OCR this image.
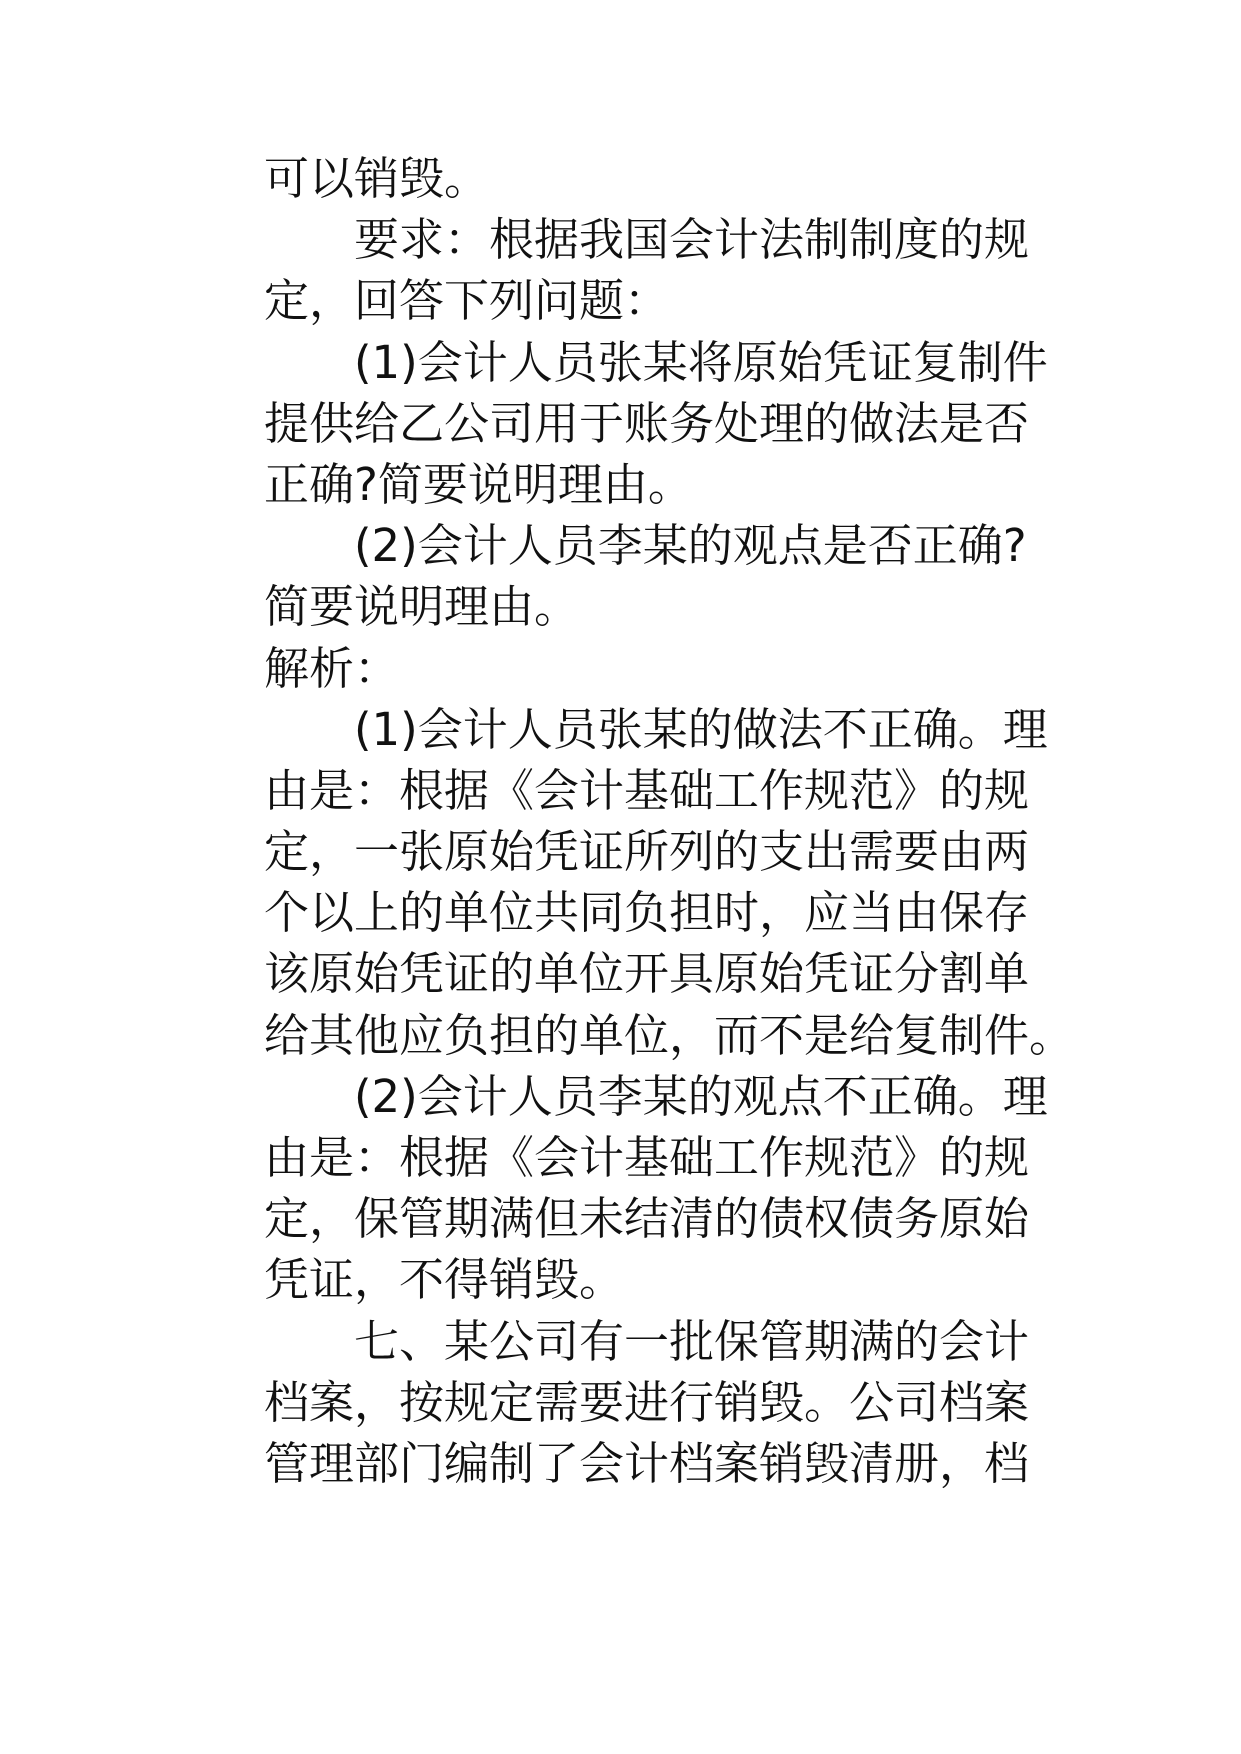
可以销毁。
要求：根据我国会计法制制度的规
定，回答下列问题：
(1)会计人员张某将原始凭证复制件
提供给乙公司用于账务处理的做法是否
正确?简要说明理由。
(2)会计人员李某的观点是否正确?
简要说明理由。
解析：
(1)会计人员张某的做法不正确。理
由是：根据《会计基础工作规范》的规
定，一张原始凭证所列的支出需要由两
个以上的单位共同负担时，应当由保存
该原始凭证的单位开具原始凭证分割单
给其他应负担的单位，而不是给复制件。
(2)会计人员李某的观点不正确。理
由是：根据《会计基础工作规范》的规
定，保管期满但未结清的债权债务原始
凭证，不得销毁。
七、某公司有一批保管期满的会计
档案，按规定需要进行销毁。公司档案
管理部门编制了会计档案销毁清册，档
